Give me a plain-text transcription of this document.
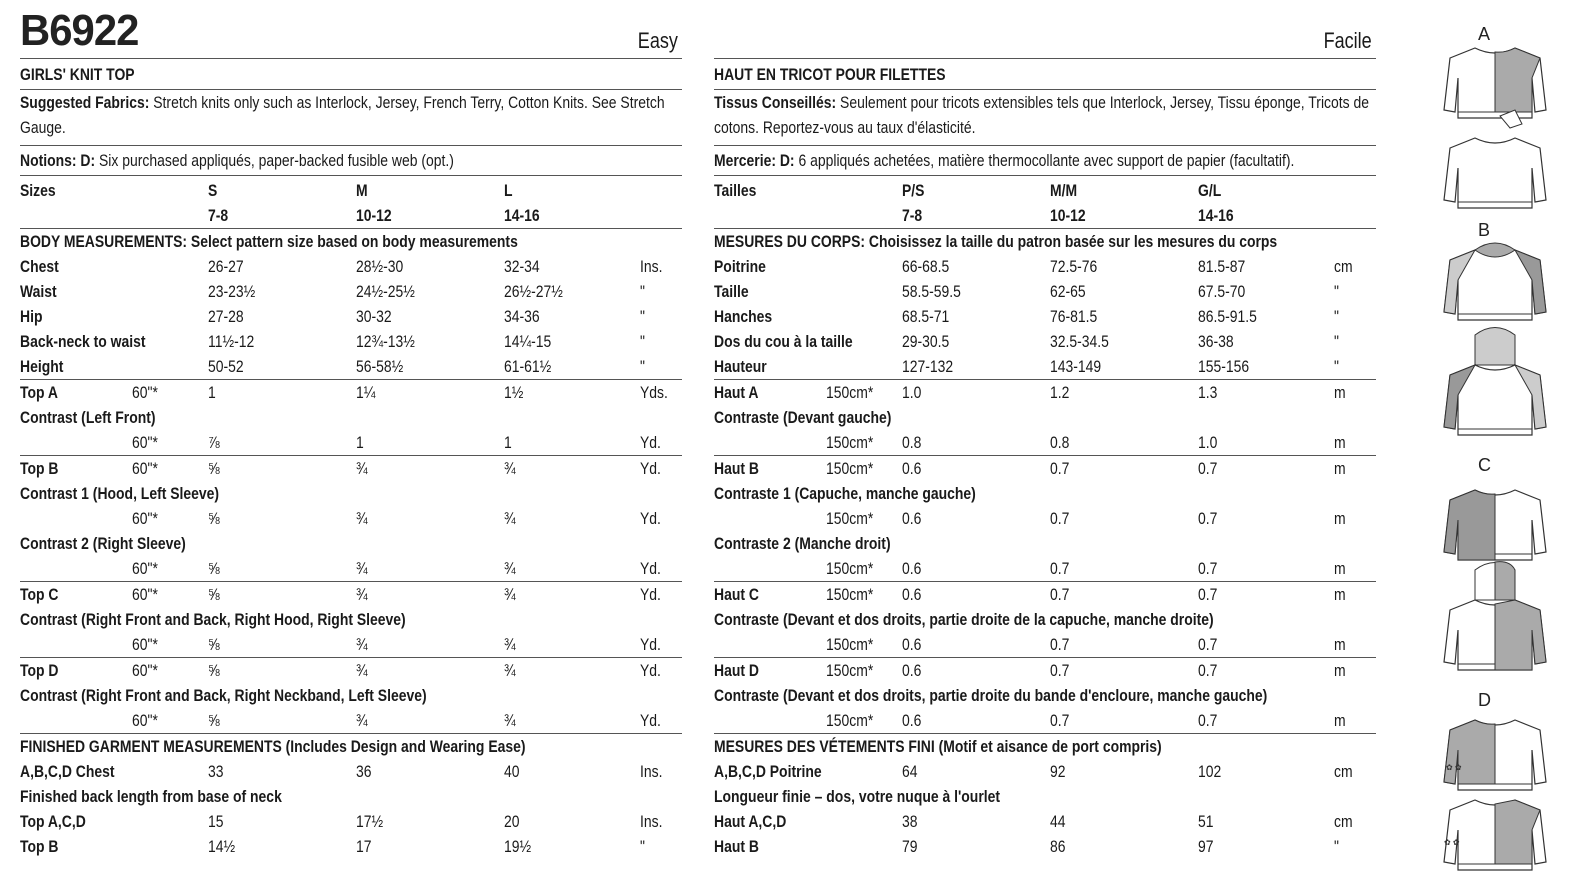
B6922	Easy
GIRLS' KNIT TOP
Suggested Fabrics: Stretch knits only such as Interlock, Jersey, French Terry, Cotton Knits. See Stretch Gauge.
Notions: D: Six purchased appliqués, paper-backed fusible web (opt.)
Sizes	S	M	L
7-8	10-12	14-16
BODY MEASUREMENTS: Select pattern size based on body measurements
Chest	26-27	28½-30	32-34	Ins.
Waist	23-23½	24½-25½	26½-27½	"
Hip	27-28	30-32	34-36	"
Back-neck to waist	11½-12	12¾-13½	14¼-15	"
Height	50-52	56-58½	61-61½	"
Top A	60"*	1	1¼	1½	Yds.
Contrast (Left Front)
60"*	⅞	1	1	Yd.
Top B	60"*	⅝	¾	¾	Yd.
Contrast 1 (Hood, Left Sleeve)
60"*	⅝	¾	¾	Yd.
Contrast 2 (Right Sleeve)
60"*	⅝	¾	¾	Yd.
Top C	60"*	⅝	¾	¾	Yd.
Contrast (Right Front and Back, Right Hood, Right Sleeve)
60"*	⅝	¾	¾	Yd.
Top D	60"*	⅝	¾	¾	Yd.
Contrast (Right Front and Back, Right Neckband, Left Sleeve)
60"*	⅝	¾	¾	Yd.
FINISHED GARMENT MEASUREMENTS (Includes Design and Wearing Ease)
A,B,C,D Chest	33	36	40	Ins.
Finished back length from base of neck
Top A,C,D	15	17½	20	Ins.
Top B	14½	17	19½	"
Facile
HAUT EN TRICOT POUR FILETTES
Tissus Conseillés: Seulement pour tricots extensibles tels que Interlock, Jersey, Tissu éponge, Tricots de cotons. Reportez-vous au taux d'élasticité.
Mercerie: D: 6 appliqués achetées, matière thermocollante avec support de papier (facultatif).
Tailles	P/S	M/M	G/L
7-8	10-12	14-16
MESURES DU CORPS: Choisissez la taille du patron basée sur les mesures du corps
Poitrine	66-68.5	72.5-76	81.5-87	cm
Taille	58.5-59.5	62-65	67.5-70	"
Hanches	68.5-71	76-81.5	86.5-91.5	"
Dos du cou à la taille	29-30.5	32.5-34.5	36-38	"
Hauteur	127-132	143-149	155-156	"
Haut A	150cm* 1.0	1.2	1.3	m
Contraste (Devant gauche)
150cm* 0.8	0.8	1.0	m
Haut B	150cm* 0.6	0.7	0.7	m
Contraste 1 (Capuche, manche gauche)
150cm* 0.6	0.7	0.7	m
Contraste 2 (Manche droit)
150cm* 0.6	0.7	0.7	m
Haut C	150cm* 0.6	0.7	0.7	m
Contraste (Devant et dos droits, partie droite de la capuche, manche droite)
150cm* 0.6	0.7	0.7	m
Haut D	150cm* 0.6	0.7	0.7	m
Contraste (Devant et dos droits, partie droite du bande d'encloure, manche gauche)
150cm* 0.6	0.7	0.7	m
MESURES DES VÉTEMENTS FINI (Motif et aisance de port compris)
A,B,C,D Poitrine	64	92	102	cm
Longueur finie – dos, votre nuque à l'ourlet
Haut A,C,D	38	44	51	cm
Haut B	79	86	97	"
A
B
C
D
✿ ✿
✿ ✿
